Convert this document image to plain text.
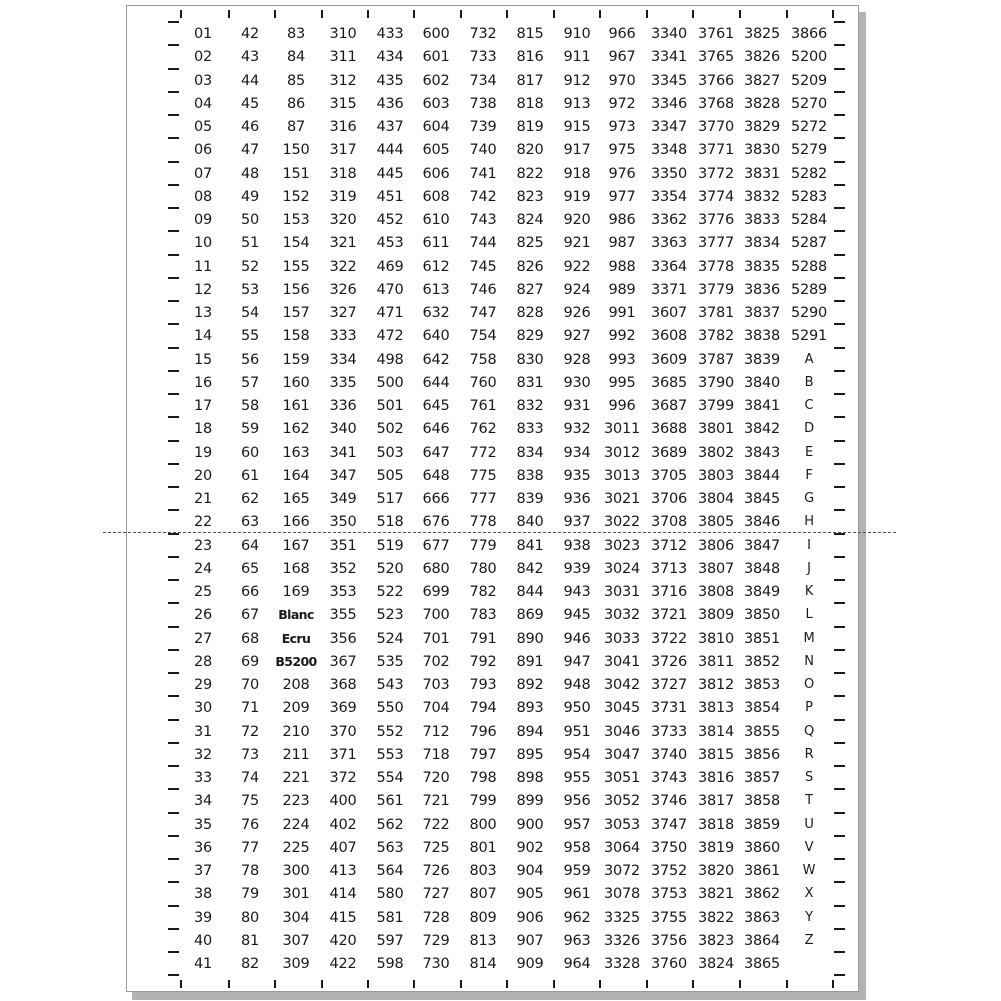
01
02
03
04
05
06
07
08
09
10
11
12
13
14
15
16
17
18
19
20
21
22
23
24
25
26
27
28
29
30
31
32
33
34
35
36
37
38
39
40
41
42
43
44
45
46
47
48
49
50
51
52
53
54
55
56
57
58
59
60
61
62
63
64
65
66
67
68
69
70
71
72
73
74
75
76
77
78
79
80
81
82
83
84
85
86
87
150
151
152
153
154
155
156
157
158
159
160
161
162
163
164
165
166
167
168
169
Blanc
Ecru
B5200
208
209
210
211
221
223
224
225
300
301
304
307
309
310
311
312
315
316
317
318
319
320
321
322
326
327
333
334
335
336
340
341
347
349
350
351
352
353
355
356
367
368
369
370
371
372
400
402
407
413
414
415
420
422
433
434
435
436
437
444
445
451
452
453
469
470
471
472
498
500
501
502
503
505
517
518
519
520
522
523
524
535
543
550
552
553
554
561
562
563
564
580
581
597
598
600
601
602
603
604
605
606
608
610
611
612
613
632
640
642
644
645
646
647
648
666
676
677
680
699
700
701
702
703
704
712
718
720
721
722
725
726
727
728
729
730
732
733
734
738
739
740
741
742
743
744
745
746
747
754
758
760
761
762
772
775
777
778
779
780
782
783
791
792
793
794
796
797
798
799
800
801
803
807
809
813
814
815
816
817
818
819
820
822
823
824
825
826
827
828
829
830
831
832
833
834
838
839
840
841
842
844
869
890
891
892
893
894
895
898
899
900
902
904
905
906
907
909
910
911
912
913
915
917
918
919
920
921
922
924
926
927
928
930
931
932
934
935
936
937
938
939
943
945
946
947
948
950
951
954
955
956
957
958
959
961
962
963
964
966
967
970
972
973
975
976
977
986
987
988
989
991
992
993
995
996
3011
3012
3013
3021
3022
3023
3024
3031
3032
3033
3041
3042
3045
3046
3047
3051
3052
3053
3064
3072
3078
3325
3326
3328
3340
3341
3345
3346
3347
3348
3350
3354
3362
3363
3364
3371
3607
3608
3609
3685
3687
3688
3689
3705
3706
3708
3712
3713
3716
3721
3722
3726
3727
3731
3733
3740
3743
3746
3747
3750
3752
3753
3755
3756
3760
3761
3765
3766
3768
3770
3771
3772
3774
3776
3777
3778
3779
3781
3782
3787
3790
3799
3801
3802
3803
3804
3805
3806
3807
3808
3809
3810
3811
3812
3813
3814
3815
3816
3817
3818
3819
3820
3821
3822
3823
3824
3825
3826
3827
3828
3829
3830
3831
3832
3833
3834
3835
3836
3837
3838
3839
3840
3841
3842
3843
3844
3845
3846
3847
3848
3849
3850
3851
3852
3853
3854
3855
3856
3857
3858
3859
3860
3861
3862
3863
3864
3865
3866
5200
5209
5270
5272
5279
5282
5283
5284
5287
5288
5289
5290
5291
A
B
C
D
E
F
G
H
I
J
K
L
M
N
O
P
Q
R
S
T
U
V
W
X
Y
Z
